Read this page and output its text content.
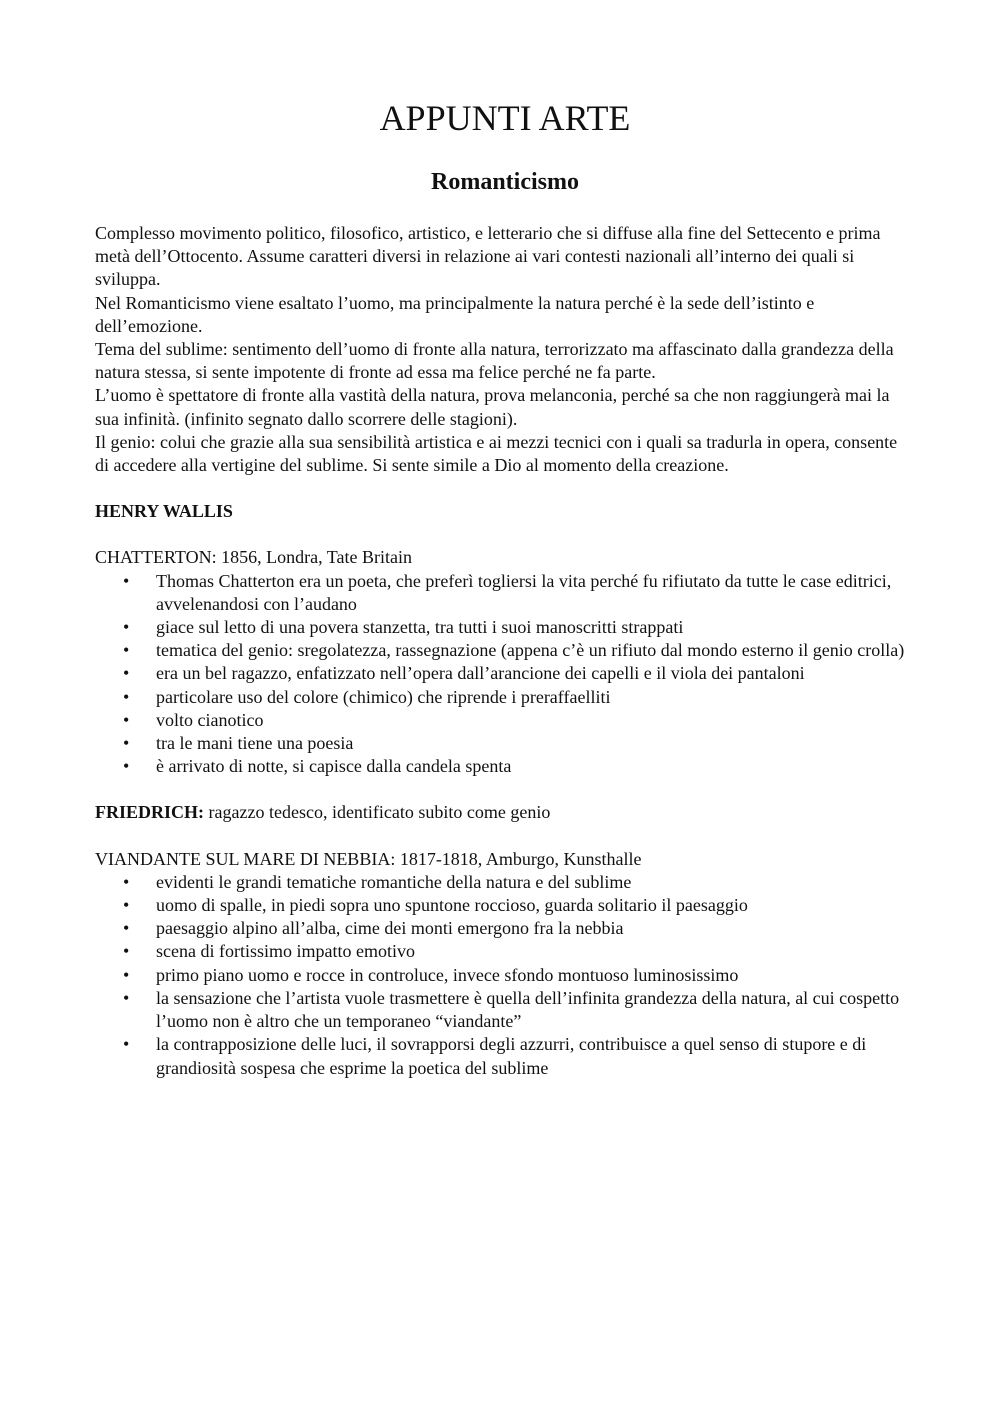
APPUNTI ARTE
Romanticismo

Complesso movimento politico, filosofico, artistico, e letterario che si diffuse alla fine del Settecento e prima metà dell’Ottocento. Assume caratteri diversi in relazione ai vari contesti nazionali all’interno dei quali si sviluppa.

Nel Romanticismo viene esaltato l’uomo, ma principalmente la natura perché è la sede dell’istinto e dell’emozione.

Tema del sublime: sentimento dell’uomo di fronte alla natura, terrorizzato ma affascinato dalla grandezza della natura stessa, si sente impotente di fronte ad essa ma felice perché ne fa parte.

L’uomo è spettatore di fronte alla vastità della natura, prova melanconia, perché sa che non raggiungerà mai la sua infinità. (infinito segnato dallo scorrere delle stagioni).

Il genio: colui che grazie alla sua sensibilità artistica e ai mezzi tecnici con i quali sa tradurla in opera, consente di accedere alla vertigine del sublime. Si sente simile a Dio al momento della creazione.

HENRY WALLIS

CHATTERTON: 1856, Londra, Tate Britain

• Thomas Chatterton era un poeta, che preferì togliersi la vita perché fu rifiutato da tutte le case editrici, avvelenandosi con l’audano
• giace sul letto di una povera stanzetta, tra tutti i suoi manoscritti strappati
• tematica del genio: sregolatezza, rassegnazione (appena c’è un rifiuto dal mondo esterno il genio crolla)
• era un bel ragazzo, enfatizzato nell’opera dall’arancione dei capelli e il viola dei pantaloni
• particolare uso del colore (chimico) che riprende i preraffaelliti
• volto cianotico
• tra le mani tiene una poesia
• è arrivato di notte, si capisce dalla candela spenta

FRIEDRICH: ragazzo tedesco, identificato subito come genio

VIANDANTE SUL MARE DI NEBBIA: 1817-1818, Amburgo, Kunsthalle

• evidenti le grandi tematiche romantiche della natura e del sublime
• uomo di spalle, in piedi sopra uno spuntone roccioso, guarda solitario il paesaggio
• paesaggio alpino all’alba, cime dei monti emergono fra la nebbia
• scena di fortissimo impatto emotivo
• primo piano uomo e rocce in controluce, invece sfondo montuoso luminosissimo
• la sensazione che l’artista vuole trasmettere è quella dell’infinita grandezza della natura, al cui cospetto l’uomo non è altro che un temporaneo “viandante”
• la contrapposizione delle luci, il sovrapporsi degli azzurri, contribuisce a quel senso di stupore e di grandiosità sospesa che esprime la poetica del sublime
